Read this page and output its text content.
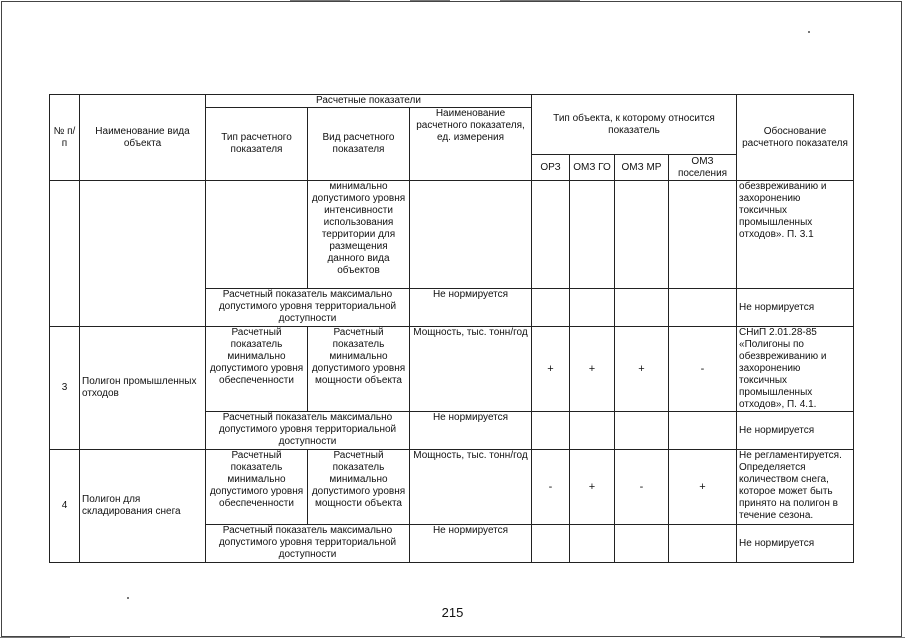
№ п/п	Наименование вида объекта	Расчетные показатели			Тип объекта, к которому относится показатель				Обоснование расчетного показателя
		Тип расчетного показателя	Вид расчетного показателя	Наименование расчетного показателя, ед. измерения					
					ОРЗ	ОМЗ ГО	ОМЗ МР	ОМЗ поселения	
			минимально допустимого уровня интенсивности использования территории для размещения данного вида объектов						обезвреживанию и захоронению токсичных промышленных отходов». П. 3.1
		Расчетный показатель максимально допустимого уровня территориальной доступности		Не нормируется					Не нормируется
3	Полигон промышленных отходов	Расчетный показатель минимально допустимого уровня обеспеченности	Расчетный показатель минимально допустимого уровня мощности объекта	Мощность, тыс. тонн/год	+	+	+	-	СНиП 2.01.28-85 «Полигоны по обезвреживанию и захоронению токсичных промышленных отходов», П. 4.1.
		Расчетный показатель максимально допустимого уровня территориальной доступности		Не нормируется					Не нормируется
4	Полигон для складирования снега	Расчетный показатель минимально допустимого уровня обеспеченности	Расчетный показатель минимально допустимого уровня мощности объекта	Мощность, тыс. тонн/год	-	+	-	+	Не регламентируется. Определяется количеством снега, которое может быть принято на полигон в течение сезона.
		Расчетный показатель максимально допустимого уровня территориальной доступности		Не нормируется					Не нормируется
215
